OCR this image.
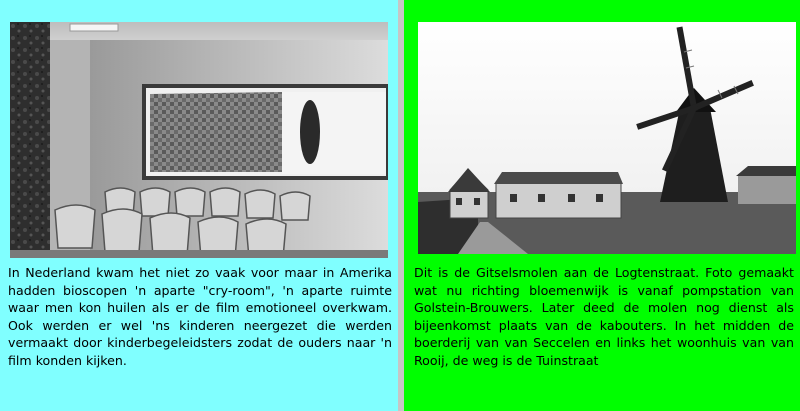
In Nederland kwam het niet zo vaak voor maar in Amerika hadden bioscopen 'n aparte "cry-room", 'n aparte ruimte waar men kon huilen als er de film emotioneel overkwam. Ook werden er wel 'ns kinderen neergezet die werden vermaakt door kinderbegeleidsters zodat de ouders naar 'n film konden kijken.

Dit is de Gitselsmolen aan de Logtenstraat. Foto gemaakt wat nu richting bloemenwijk is vanaf pompstation van Golstein-Brouwers. Later deed de molen nog dienst als bijeenkomst plaats van de kabouters. In het midden de boerderij van van Seccelen en links het woonhuis van van Rooij, de weg is de Tuinstraat
